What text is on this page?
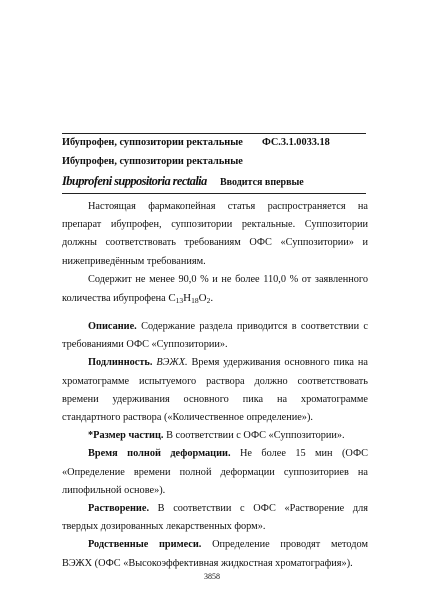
Ибупрофен, суппозитории ректальные ФС.3.1.0033.18
Ибупрофен, суппозитории ректальные
Ibuprofeni suppositoria rectalia Вводится впервые

Настоящая фармакопейная статья распространяется на препарат ибупрофен, суппозитории ректальные. Суппозитории должны соответствовать требованиям ОФС «Суппозитории» и нижеприведённым требованиям.

Содержит не менее 90,0 % и не более 110,0 % от заявленного количества ибупрофена $C_{13}H_{18}O_2$.

Описание. Содержание раздела приводится в соответствии с требованиями ОФС «Суппозитории».

Подлинность. ВЭЖХ. Время удерживания основного пика на хроматограмме испытуемого раствора должно соответствовать времени удерживания основного пика на хроматограмме стандартного раствора («Количественное определение»).

*Размер частиц. В соответствии с ОФС «Суппозитории».

Время полной деформации. Не более 15 мин (ОФС «Определение времени полной деформации суппозиториев на липофильной основе»).

Растворение. В соответствии с ОФС «Растворение для твердых дозированных лекарственных форм».

Родственные примеси. Определение проводят методом ВЭЖХ (ОФС «Высокоэффективная жидкостная хроматография»).

3858
